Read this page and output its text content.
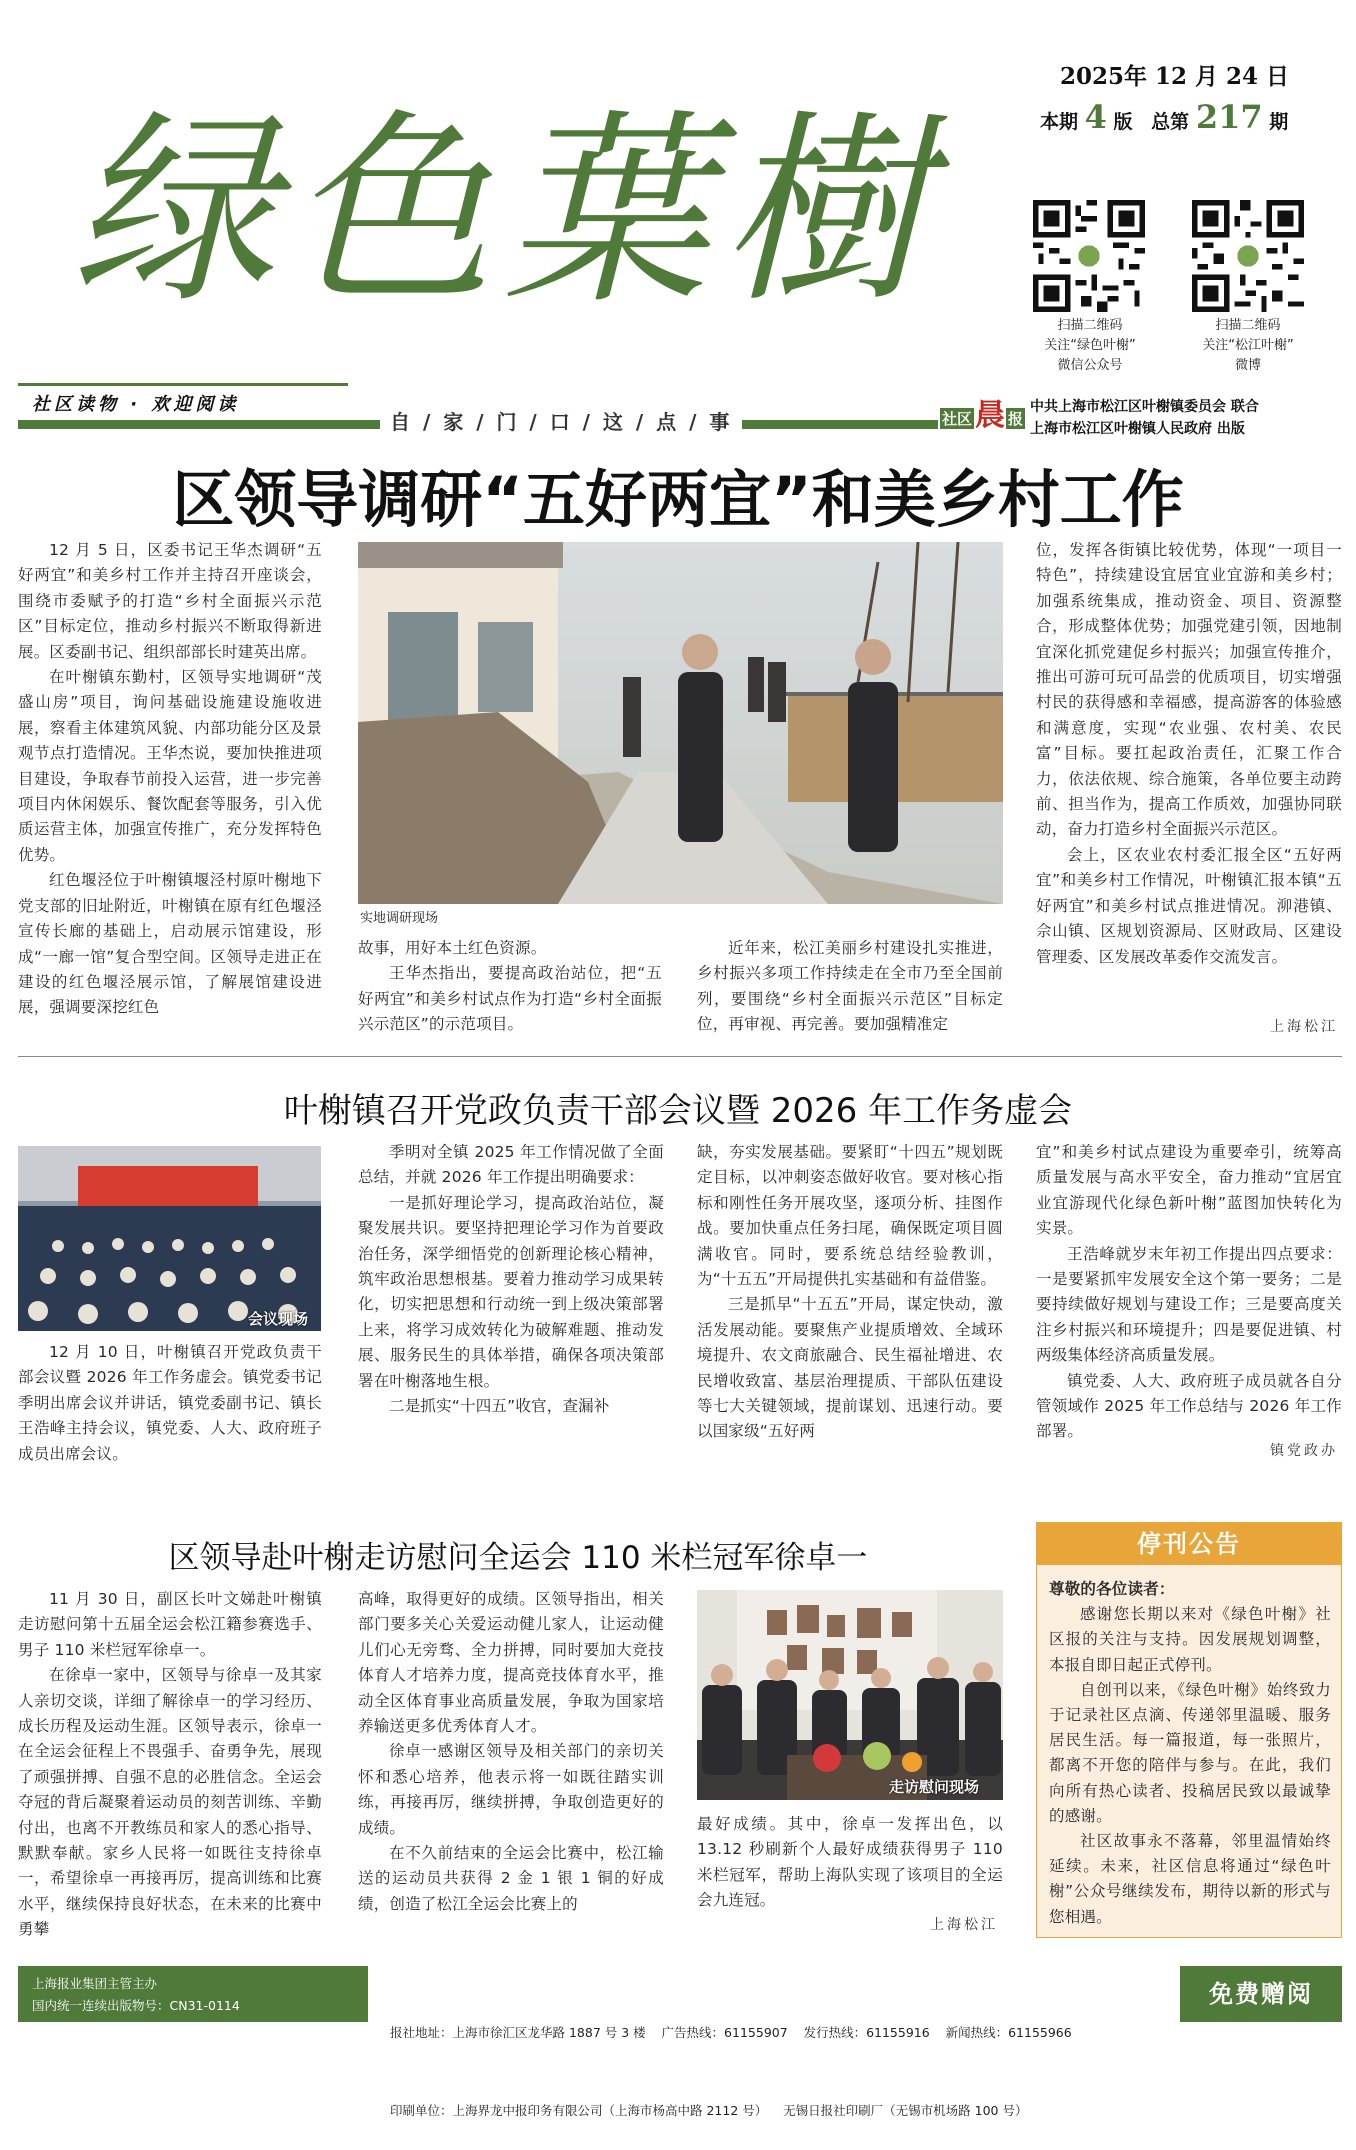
绿色葉樹
2025年 12 月 24 日
本期 4 版 总第 217 期
扫描二维码
关注“绿色叶榭”
微信公众号
扫描二维码
关注“松江叶榭”
微博
社区读物 · 欢迎阅读
自 / 家 / 门 / 口 / 这 / 点 / 事	社区 晨 报
中共上海市松江区叶榭镇委员会 联合
上海市松江区叶榭镇人民政府 出版
区领导调研“五好两宜”和美乡村工作

12 月 5 日，区委书记王华杰调研“五好两宜”和美乡村工作并主持召开座谈会，围绕市委赋予的打造“乡村全面振兴示范区”目标定位，推动乡村振兴不断取得新进展。区委副书记、组织部部长时建英出席。

在叶榭镇东勤村，区领导实地调研“茂盛山房”项目，询问基础设施建设施收进展，察看主体建筑风貌、内部功能分区及景观节点打造情况。王华杰说，要加快推进项目建设，争取春节前投入运营，进一步完善项目内休闲娱乐、餐饮配套等服务，引入优质运营主体，加强宣传推广，充分发挥特色优势。

红色堰泾位于叶榭镇堰泾村原叶榭地下党支部的旧址附近，叶榭镇在原有红色堰泾宣传长廊的基础上，启动展示馆建设，形成“一廊一馆”复合型空间。区领导走进正在建设的红色堰泾展示馆，了解展馆建设进展，强调要深挖红色

实地调研现场

故事，用好本土红色资源。

王华杰指出，要提高政治站位，把“五好两宜”和美乡村试点作为打造“乡村全面振兴示范区”的示范项目。

近年来，松江美丽乡村建设扎实推进，乡村振兴多项工作持续走在全市乃至全国前列，要围绕“乡村全面振兴示范区”目标定位，再审视、再完善。要加强精准定

位，发挥各街镇比较优势，体现“一项目一特色”，持续建设宜居宜业宜游和美乡村；加强系统集成，推动资金、项目、资源整合，形成整体优势；加强党建引领，因地制宜深化抓党建促乡村振兴；加强宣传推介，推出可游可玩可品尝的优质项目，切实增强村民的获得感和幸福感，提高游客的体验感和满意度，实现“农业强、农村美、农民富”目标。要扛起政治责任，汇聚工作合力，依法依规、综合施策，各单位要主动跨前、担当作为，提高工作质效，加强协同联动，奋力打造乡村全面振兴示范区。

会上，区农业农村委汇报全区“五好两宜”和美乡村工作情况，叶榭镇汇报本镇“五好两宜”和美乡村试点推进情况。泖港镇、佘山镇、区规划资源局、区财政局、区建设管理委、区发展改革委作交流发言。

上海松江
叶榭镇召开党政负责干部会议暨 2026 年工作务虚会
会议现场

12 月 10 日，叶榭镇召开党政负责干部会议暨 2026 年工作务虚会。镇党委书记季明出席会议并讲话，镇党委副书记、镇长王浩峰主持会议，镇党委、人大、政府班子成员出席会议。

季明对全镇 2025 年工作情况做了全面总结，并就 2026 年工作提出明确要求：

一是抓好理论学习，提高政治站位，凝聚发展共识。要坚持把理论学习作为首要政治任务，深学细悟党的创新理论核心精神，筑牢政治思想根基。要着力推动学习成果转化，切实把思想和行动统一到上级决策部署上来，将学习成效转化为破解难题、推动发展、服务民生的具体举措，确保各项决策部署在叶榭落地生根。

二是抓实“十四五”收官，查漏补

缺，夯实发展基础。要紧盯“十四五”规划既定目标，以冲刺姿态做好收官。要对核心指标和刚性任务开展攻坚，逐项分析、挂图作战。要加快重点任务扫尾，确保既定项目圆满收官。同时，要系统总结经验教训，为“十五五”开局提供扎实基础和有益借鉴。

三是抓早“十五五”开局，谋定快动，激活发展动能。要聚焦产业提质增效、全域环境提升、农文商旅融合、民生福祉增进、农民增收致富、基层治理提质、干部队伍建设等七大关键领域，提前谋划、迅速行动。要以国家级“五好两

宜”和美乡村试点建设为重要牵引，统筹高质量发展与高水平安全，奋力推动“宜居宜业宜游现代化绿色新叶榭”蓝图加快转化为实景。

王浩峰就岁末年初工作提出四点要求：一是要紧抓牢发展安全这个第一要务；二是要持续做好规划与建设工作；三是要高度关注乡村振兴和环境提升；四是要促进镇、村两级集体经济高质量发展。

镇党委、人大、政府班子成员就各自分管领域作 2025 年工作总结与 2026 年工作部署。

镇党政办
区领导赴叶榭走访慰问全运会 110 米栏冠军徐卓一

11 月 30 日，副区长叶文娣赴叶榭镇走访慰问第十五届全运会松江籍参赛选手、男子 110 米栏冠军徐卓一。

在徐卓一家中，区领导与徐卓一及其家人亲切交谈，详细了解徐卓一的学习经历、成长历程及运动生涯。区领导表示，徐卓一在全运会征程上不畏强手、奋勇争先，展现了顽强拼搏、自强不息的必胜信念。全运会夺冠的背后凝聚着运动员的刻苦训练、辛勤付出，也离不开教练员和家人的悉心指导、默默奉献。家乡人民将一如既往支持徐卓一，希望徐卓一再接再厉，提高训练和比赛水平，继续保持良好状态，在未来的比赛中勇攀

高峰，取得更好的成绩。区领导指出，相关部门要多关心关爱运动健儿家人，让运动健儿们心无旁骛、全力拼搏，同时要加大竞技体育人才培养力度，提高竞技体育水平，推动全区体育事业高质量发展，争取为国家培养输送更多优秀体育人才。

徐卓一感谢区领导及相关部门的亲切关怀和悉心培养，他表示将一如既往踏实训练，再接再厉，继续拼搏，争取创造更好的成绩。

在不久前结束的全运会比赛中，松江输送的运动员共获得 2 金 1 银 1 铜的好成绩，创造了松江全运会比赛上的

走访慰问现场

最好成绩。其中，徐卓一发挥出色，以 13.12 秒刷新个人最好成绩获得男子 110 米栏冠军，帮助上海队实现了该项目的全运会九连冠。

上海松江
停刊公告
尊敬的各位读者：

感谢您长期以来对《绿色叶榭》社区报的关注与支持。因发展规划调整，本报自即日起正式停刊。

自创刊以来，《绿色叶榭》始终致力于记录社区点滴、传递邻里温暖、服务居民生活。每一篇报道，每一张照片，都离不开您的陪伴与参与。在此，我们向所有热心读者、投稿居民致以最诚挚的感谢。

社区故事永不落幕，邻里温情始终延续。未来，社区信息将通过“绿色叶榭”公众号继续发布，期待以新的形式与您相遇。

上海报业集团主管主办
国内统一连续出版物号：CN31-0114

报社地址：上海市徐汇区龙华路 1887 号 3 楼    广告热线：61155907    发行热线：61155916    新闻热线：61155966

印刷单位：上海界龙中报印务有限公司（上海市杨高中路 2112 号）    无锡日报社印刷厂（无锡市机场路 100 号）

免费赠阅
